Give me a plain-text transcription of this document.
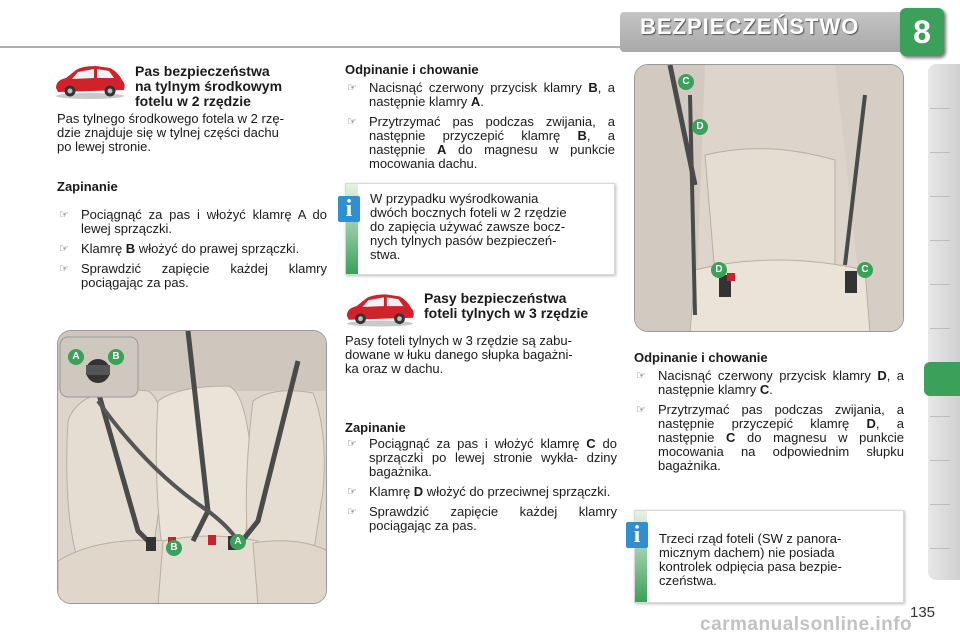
BEZPIECZEŃSTWO	8
Pas bezpieczeństwa
na tylnym środkowym
fotelu w 2 rzędzie
Pas tylnego środkowego fotela w 2 rzę-
dzie znajduje się w tylnej części dachu
po lewej stronie.
Zapinanie
☞ Pociągnąć za pas i włożyć klamrę A do lewej sprzączki.
☞ Klamrę B włożyć do prawej sprzączki.
☞ Sprawdzić zapięcie każdej klamry pociągając za pas.
Odpinanie i chowanie
☞ Nacisnąć czerwony przycisk klamry B, a następnie klamry A.
☞ Przytrzymać pas podczas zwijania, a następnie przyczepić klamrę B, a następnie A do magnesu w punkcie mocowania dachu.
W przypadku wyśrodkowania
dwóch bocznych foteli w 2 rzędzie
do zapięcia używać zawsze bocz-
nych tylnych pasów bezpieczeń-
stwa.
i
Pasy bezpieczeństwa
foteli tylnych w 3 rzędzie
Pasy foteli tylnych w 3 rzędzie są zabu-
dowane w łuku danego słupka bagażni-
ka oraz w dachu.
Zapinanie
☞ Pociągnąć za pas i włożyć klamrę C do sprzączki po lewej stronie wykła- dziny bagażnika.
☞ Klamrę D włożyć do przeciwnej sprzączki.
☞ Sprawdzić zapięcie każdej klamry pociągając za pas.
Odpinanie i chowanie
☞ Nacisnąć czerwony przycisk klamry D, a następnie klamry C.
☞ Przytrzymać pas podczas zwijania, a następnie przyczepić klamrę D, a następnie C do magnesu w punkcie mocowania na odpowiednim słupku bagażnika.
Trzeci rząd foteli (SW z panora-
micznym dachem) nie posiada
kontrolek odpięcia pasa bezpie-
czeństwa.
i
A	B
B
A
C
D
D	C
135
carmanualsonline.info
